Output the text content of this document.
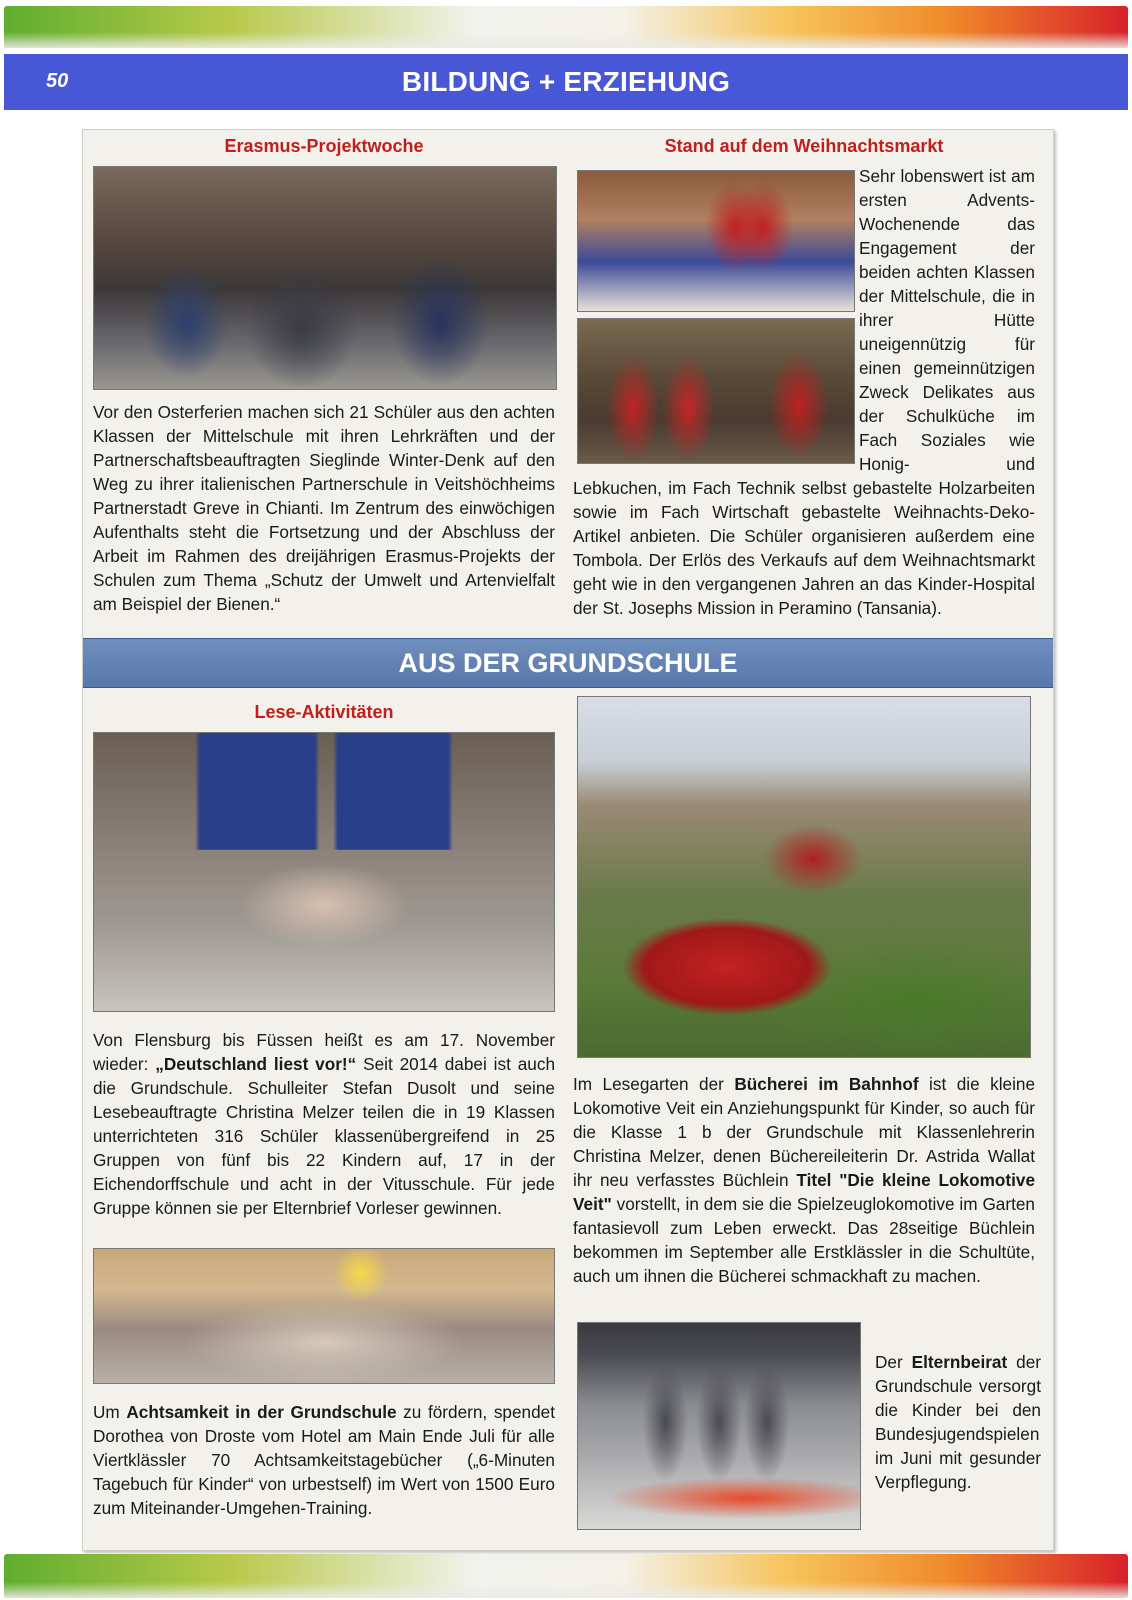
50	BILDUNG + ERZIEHUNG
Erasmus-Projektwoche
Vor den Osterferien machen sich 21 Schüler aus den achten Klassen der Mittelschule mit ihren Lehrkräften und der Partnerschaftsbeauftragten Sieglinde Winter-Denk auf den Weg zu ihrer italienischen Partnerschule in Veitshöchheims Partnerstadt Greve in Chianti. Im Zentrum des einwöchigen Aufenthalts steht die Fortsetzung und der Abschluss der Arbeit im Rahmen des dreijährigen Erasmus-Projekts der Schulen zum Thema „Schutz der Umwelt und Artenvielfalt am Beispiel der Bienen.“
Stand auf dem Weihnachtsmarkt
Sehr lobenswert ist am ersten Advents-Wochenende das Engagement der beiden achten Klassen der Mittelschule, die in ihrer Hütte uneigennützig für einen gemeinnützigen Zweck Delikates aus der Schulküche im Fach Soziales wie Honig- und Lebkuchen, im Fach Technik selbst gebastelte Holzarbeiten sowie im Fach Wirtschaft gebastelte Weihnachts-Deko-Artikel anbieten. Die Schüler organisieren außerdem eine Tombola. Der Erlös des Verkaufs auf dem Weihnachtsmarkt geht wie in den vergangenen Jahren an das Kinder-Hospital der St. Josephs Mission in Peramino (Tansania).
AUS DER GRUNDSCHULE
Lese-Aktivitäten
Von Flensburg bis Füssen heißt es am 17. November wieder: „Deutschland liest vor!“ Seit 2014 dabei ist auch die Grundschule. Schulleiter Stefan Dusolt und seine Lesebeauftragte Christina Melzer teilen die in 19 Klassen unterrichteten 316 Schüler klassenübergreifend in 25 Gruppen von fünf bis 22 Kindern auf, 17 in der Eichendorffschule und acht in der Vitusschule. Für jede Gruppe können sie per Elternbrief Vorleser gewinnen.
Um Achtsamkeit in der Grundschule zu fördern, spendet Dorothea von Droste vom Hotel am Main Ende Juli für alle Viertklässler 70 Achtsamkeitstagebücher („6-Minuten Tagebuch für Kinder“ von urbestself) im Wert von 1500 Euro zum Miteinander-Umgehen-Training.
Im Lesegarten der Bücherei im Bahnhof ist die kleine Lokomotive Veit ein Anziehungspunkt für Kinder, so auch für die Klasse 1 b der Grundschule mit Klassenlehrerin Christina Melzer, denen Büchereileiterin Dr. Astrida Wallat ihr neu verfasstes Büchlein Titel "Die kleine Lokomotive Veit" vorstellt, in dem sie die Spielzeuglokomotive im Garten fantasievoll zum Leben erweckt. Das 28seitige Büchlein bekommen im September alle Erstklässler in die Schultüte, auch um ihnen die Bücherei schmackhaft zu machen.
Der Elternbeirat der Grundschule versorgt die Kinder bei den Bundesjugendspielen im Juni mit gesunder Verpflegung.
